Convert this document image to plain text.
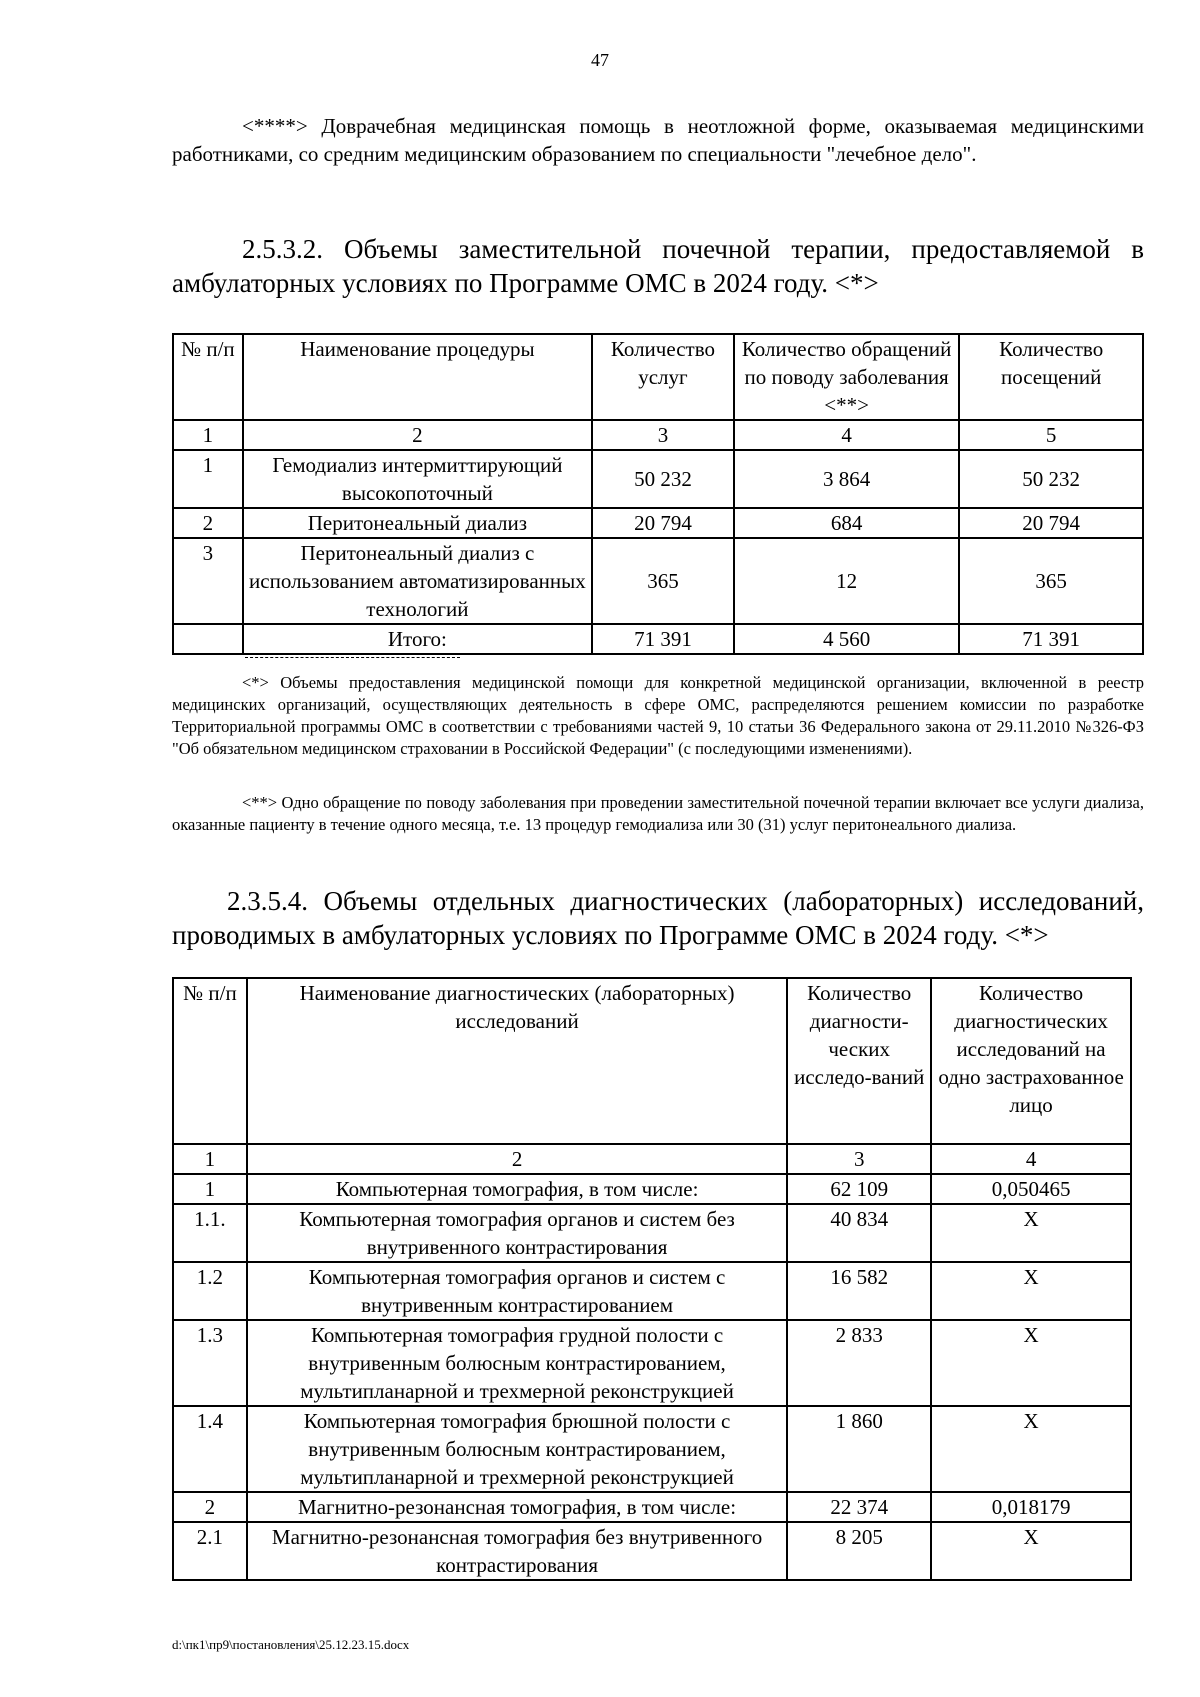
47
<****> Доврачебная медицинская помощь в неотложной форме, оказываемая медицинскими работниками, со средним медицинским образованием по специальности "лечебное дело".
2.5.3.2. Объемы заместительной почечной терапии, предоставляемой в амбулаторных условиях по Программе ОМС в 2024 году. <*>
№ п/п	Наименование процедуры	Количество услуг	Количество обращений по поводу заболевания <**>	Количество посещений
1	2	3	4	5
1	Гемодиализ интермиттирующий высокопоточный	50 232	3 864	50 232
2	Перитонеальный диализ	20 794	684	20 794
3	Перитонеальный диализ с использованием автоматизированных технологий	365	12	365
	Итого:	71 391	4 560	71 391
<*> Объемы предоставления медицинской помощи для конкретной медицинской организации, включенной в реестр медицинских организаций, осуществляющих деятельность в сфере ОМС, распределяются решением комиссии по разработке Территориальной программы ОМС в соответствии с требованиями частей 9, 10 статьи 36 Федерального закона от 29.11.2010 №326-ФЗ "Об обязательном медицинском страховании в Российской Федерации" (с последующими изменениями).
<**> Одно обращение по поводу заболевания при проведении заместительной почечной терапии включает все услуги диализа, оказанные пациенту в течение одного месяца, т.е. 13 процедур гемодиализа или 30 (31) услуг перитонеального диализа.
2.3.5.4. Объемы отдельных диагностических (лабораторных) исследований, проводимых в амбулаторных условиях по Программе ОМС в 2024 году. <*>
№ п/п	Наименование диагностических (лабораторных) исследований	Количество диагности-ческих исследо-ваний	Количество диагностических исследований на одно застрахованное лицо
1	2	3	4
1	Компьютерная томография, в том числе:	62 109	0,050465
1.1.	Компьютерная томография органов и систем без внутривенного контрастирования	40 834	X
1.2	Компьютерная томография органов и систем с внутривенным контрастированием	16 582	X
1.3	Компьютерная томография грудной полости с внутривенным болюсным контрастированием, мультипланарной и трехмерной реконструкцией	2 833	X
1.4	Компьютерная томография брюшной полости с внутривенным болюсным контрастированием, мультипланарной и трехмерной реконструкцией	1 860	X
2	Магнитно-резонансная томография, в том числе:	22 374	0,018179
2.1	Магнитно-резонансная томография без внутривенного контрастирования	8 205	X
d:\пк1\пр9\постановления\25.12.23.15.docx
